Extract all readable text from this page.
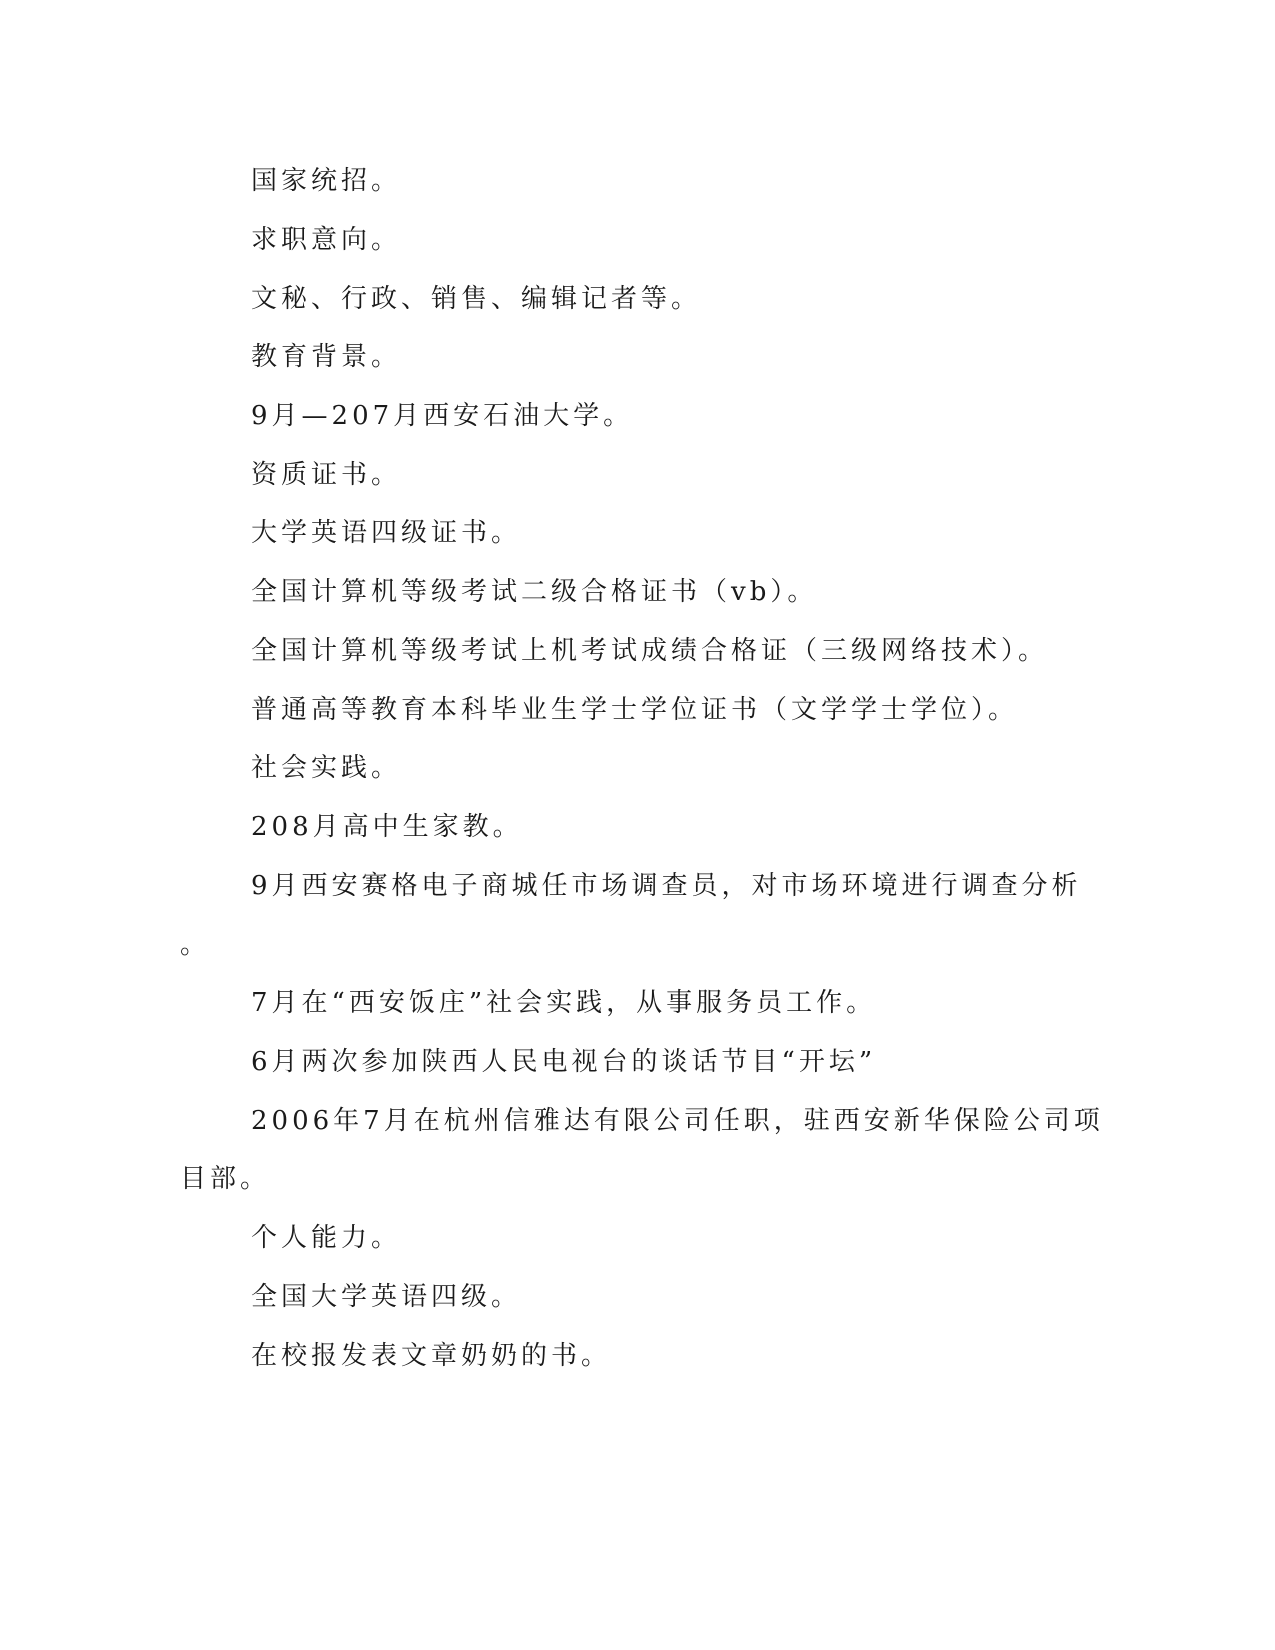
国家统招。

求职意向。

文秘、行政、销售、编辑记者等。

教育背景。

9月—207月西安石油大学。

资质证书。

大学英语四级证书。

全国计算机等级考试二级合格证书（vb）。

全国计算机等级考试上机考试成绩合格证（三级网络技术）。

普通高等教育本科毕业生学士学位证书（文学学士学位）。

社会实践。

208月高中生家教。

9月西安赛格电子商城任市场调查员，对市场环境进行调查分析

。

7月在“西安饭庄”社会实践，从事服务员工作。

6月两次参加陕西人民电视台的谈话节目“开坛”

2006年7月在杭州信雅达有限公司任职，驻西安新华保险公司项

目部。

个人能力。

全国大学英语四级。

在校报发表文章奶奶的书。
